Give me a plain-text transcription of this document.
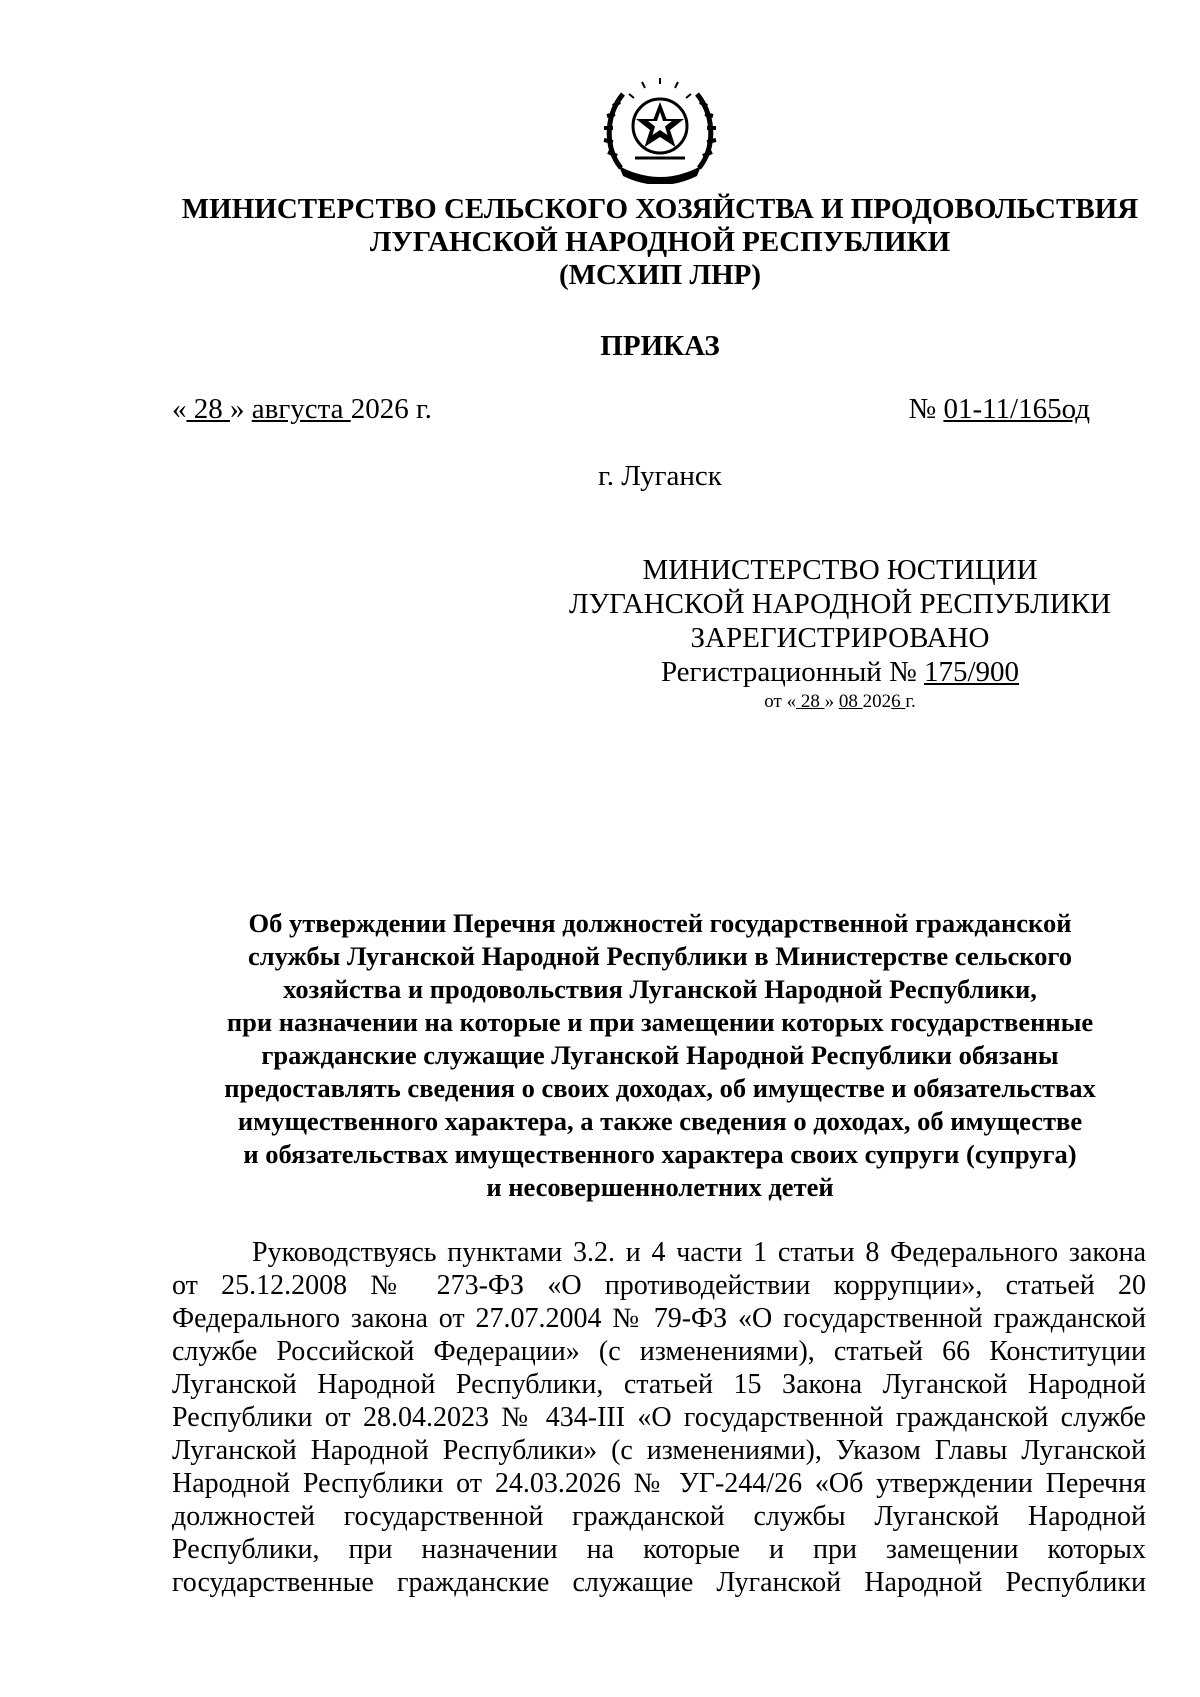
МИНИСТЕРСТВО СЕЛЬСКОГО ХОЗЯЙСТВА И ПРОДОВОЛЬСТВИЯ
ЛУГАНСКОЙ НАРОДНОЙ РЕСПУБЛИКИ
(МСХИП ЛНР)
ПРИКАЗ
« 28 » августа 2026 г.	№ 01-11/165од
г. Луганск
МИНИСТЕРСТВО ЮСТИЦИИ
ЛУГАНСКОЙ НАРОДНОЙ РЕСПУБЛИКИ
ЗАРЕГИСТРИРОВАНО
Регистрационный № 175/900
от « 28 » 08 2026 г.
Об утверждении Перечня должностей государственной гражданской
службы Луганской Народной Республики в Министерстве сельского
хозяйства и продовольствия Луганской Народной Республики,
при назначении на которые и при замещении которых государственные
гражданские служащие Луганской Народной Республики обязаны
предоставлять сведения о своих доходах, об имуществе и обязательствах
имущественного характера, а также сведения о доходах, об имуществе
и обязательствах имущественного характера своих супруги (супруга)
и несовершеннолетних детей
Руководствуясь пунктами 3.2. и 4 части 1 статьи 8 Федерального закона
от 25.12.2008 № 273-ФЗ «О противодействии коррупции», статьей 20
Федерального закона от 27.07.2004 № 79-ФЗ «О государственной гражданской
службе Российской Федерации» (с изменениями), статьей 66 Конституции
Луганской Народной Республики, статьей 15 Закона Луганской Народной
Республики от 28.04.2023 № 434-III «О государственной гражданской службе
Луганской Народной Республики» (с изменениями), Указом Главы Луганской
Народной Республики от 24.03.2026 № УГ-244/26 «Об утверждении Перечня
должностей государственной гражданской службы Луганской Народной
Республики, при назначении на которые и при замещении которых
государственные гражданские служащие Луганской Народной Республики
